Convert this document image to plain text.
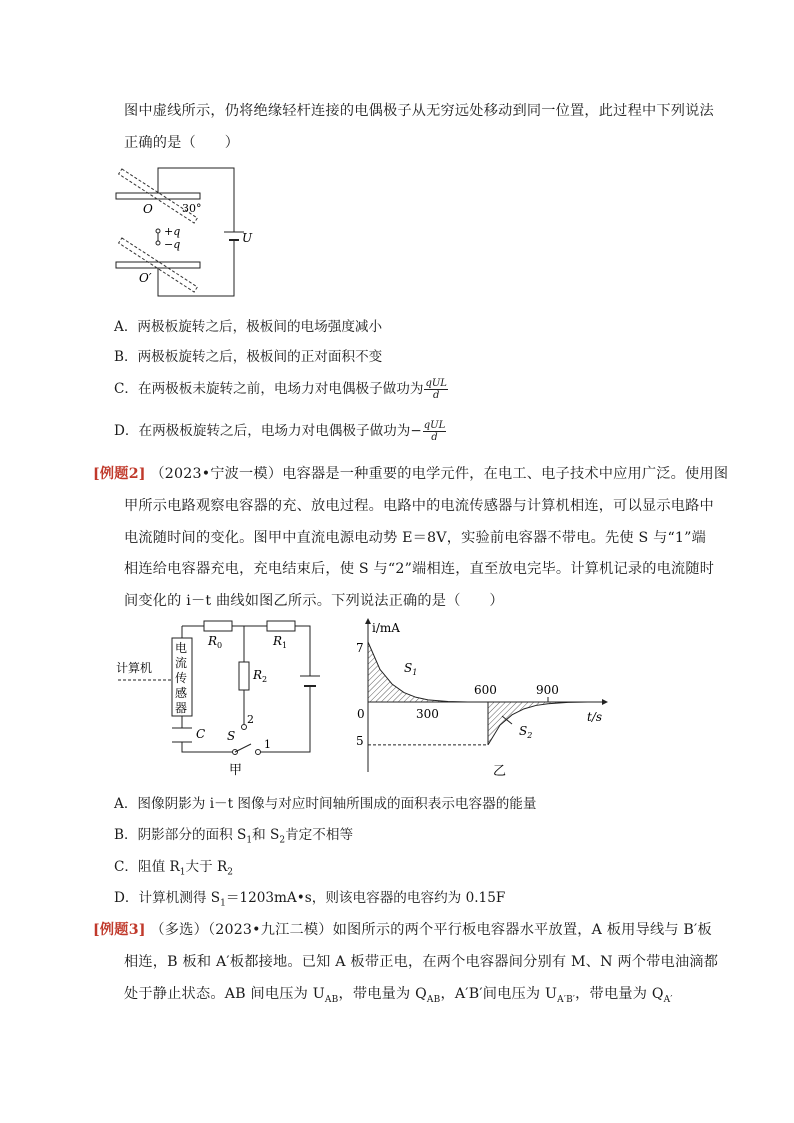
图中虚线所示，仍将绝缘轻杆连接的电偶极子从无穷远处移动到同一位置，此过程中下列说法
正确的是（　　）
O
O′
30°
+q
−q	U
A．两极板旋转之后，极板间的电场强度减小
B．两极板旋转之后，极板间的正对面积不变
C．在两极板未旋转之前，电场力对电偶极子做功为 $\frac{\text{qUL}}{d}$
D．在两极板旋转之后，电场力对电偶极子做功为− $\frac{\text{qUL}}{d}$
[例题2] （2023•宁波一模）电容器是一种重要的电学元件，在电工、电子技术中应用广泛。使用图
甲所示电路观察电容器的充、放电过程。电路中的电流传感器与计算机相连，可以显示电路中
电流随时间的变化。图甲中直流电源电动势 E＝8V，实验前电容器不带电。先使 S 与“1”端
相连给电容器充电，充电结束后，使 S 与“2”端相连，直至放电完毕。计算机记录的电流随时
间变化的 i－t 曲线如图乙所示。下列说法正确的是（　　）
电
流
传
感
器
计算机
$R_0$	$R_1$
$R_2$
C S
2
1
甲
i/mA
7
5
0	300
600	900
t/s
$S_1$
$S_2$
乙
A．图像阴影为 i－t 图像与对应时间轴所围成的面积表示电容器的能量
B．阴影部分的面积 $S_1$和 $S_2$肯定不相等
C．阻值 $R_1$大于 $R_2$
D．计算机测得 $S_1=1203mA•s$，则该电容器的电容约为 0.15F
[例题3] （多选）（2023•九江二模）如图所示的两个平行板电容器水平放置，A 板用导线与 B′板
相连，B 板和 A′板都接地。已知 A 板带正电，在两个电容器间分别有 M、N 两个带电油滴都
处于静止状态。AB 间电压为 $U_{AB}$，带电量为 $Q_{AB}$，A′B′间电压为 $U_{A'B'}$，带电量为 $Q_{A'}$
